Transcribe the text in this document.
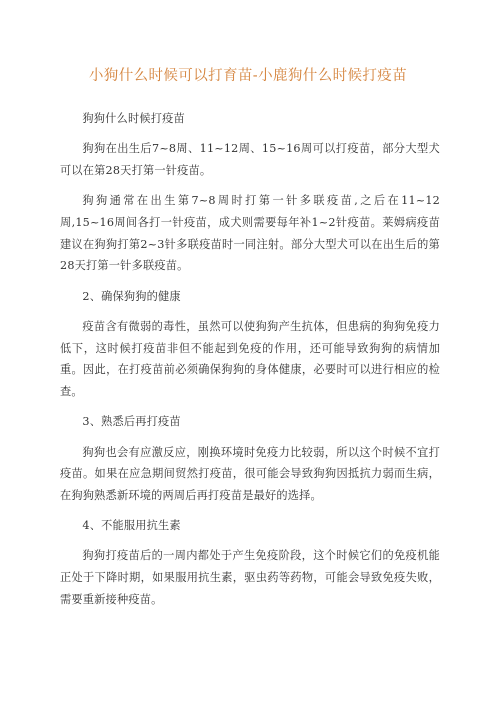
小狗什么时候可以打育苗-小鹿狗什么时候打疫苗

狗狗什么时候打疫苗

狗狗在出生后7~8周、11~12周、15~16周可以打疫苗，部分大型犬可以在第28天打第一针疫苗。

狗狗通常在出生第7~8周时打第一针多联疫苗,之后在11~12周,15~16周间各打一针疫苗，成犬则需要每年补1~2针疫苗。莱姆病疫苗建议在狗狗打第2~3针多联疫苗时一同注射。部分大型犬可以在出生后的第28天打第一针多联疫苗。

2、确保狗狗的健康

疫苗含有微弱的毒性，虽然可以使狗狗产生抗体，但患病的狗狗免疫力低下，这时候打疫苗非但不能起到免疫的作用，还可能导致狗狗的病情加重。因此，在打疫苗前必须确保狗狗的身体健康，必要时可以进行相应的检查。

3、熟悉后再打疫苗

狗狗也会有应激反应，刚换环境时免疫力比较弱，所以这个时候不宜打疫苗。如果在应急期间贸然打疫苗，很可能会导致狗狗因抵抗力弱而生病，在狗狗熟悉新环境的两周后再打疫苗是最好的选择。

4、不能服用抗生素

狗狗打疫苗后的一周内都处于产生免疫阶段，这个时候它们的免疫机能正处于下降时期，如果服用抗生素，驱虫药等药物，可能会导致免疫失败，需要重新接种疫苗。
